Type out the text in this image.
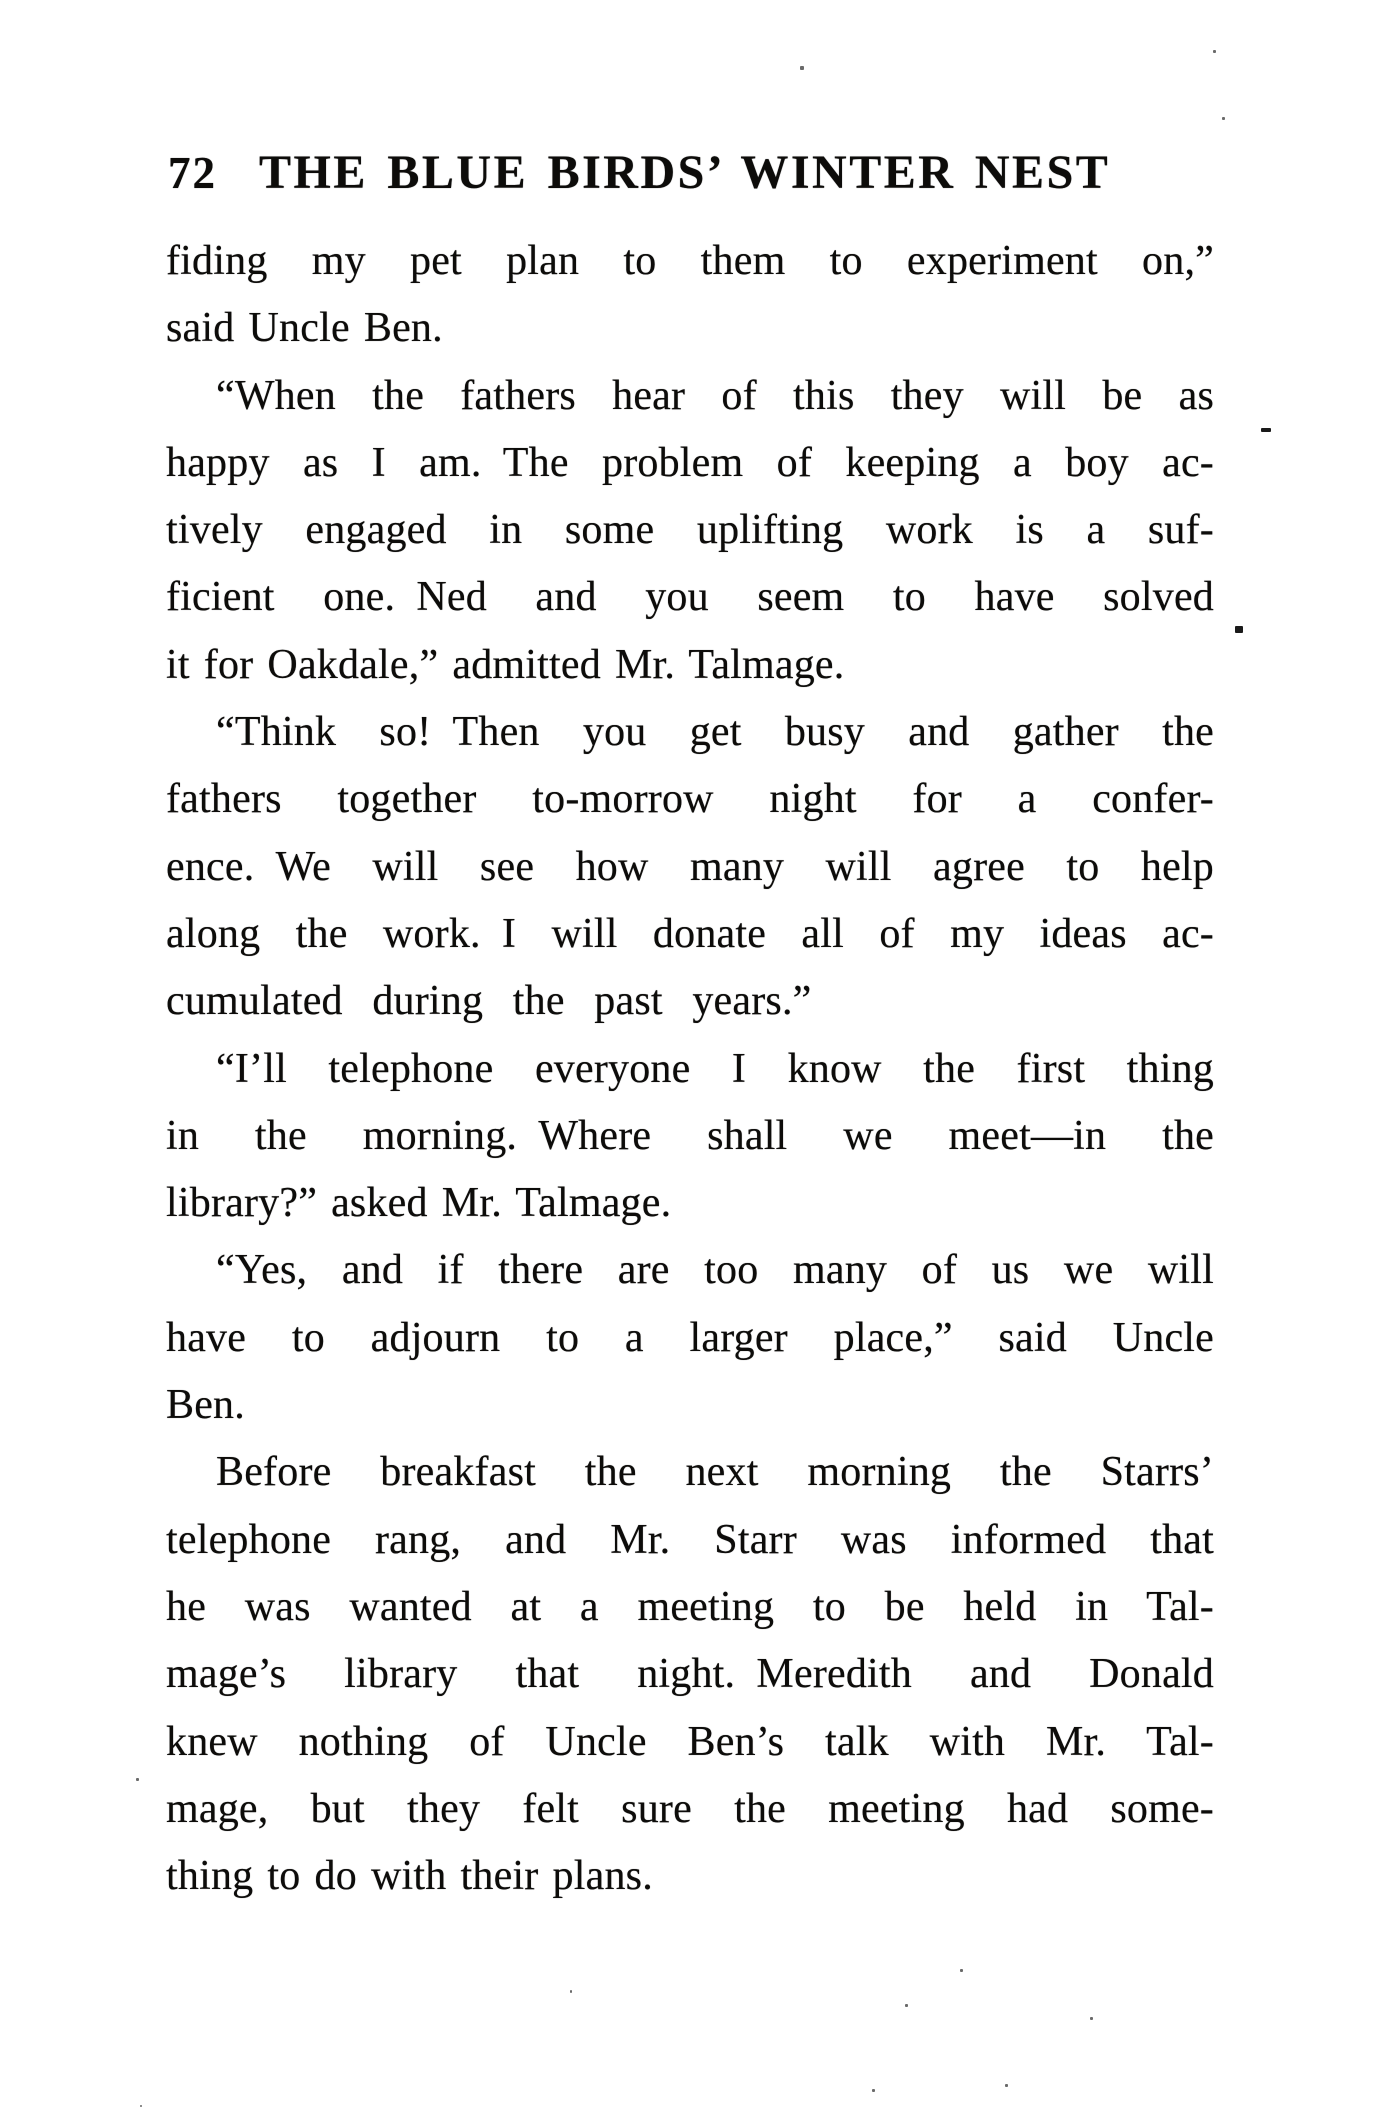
72 THE BLUE BIRDS’ WINTER NEST
fiding my pet plan to them to experiment on,”
said Uncle Ben.
“When the fathers hear of this they will be as
happy as I am. The problem of keeping a boy ac-
tively engaged in some uplifting work is a suf-
ficient one. Ned and you seem to have solved
it for Oakdale,” admitted Mr. Talmage.
“Think so! Then you get busy and gather the
fathers together to-morrow night for a confer-
ence. We will see how many will agree to help
along the work. I will donate all of my ideas ac-
cumulated during the past years.”
“I’ll telephone everyone I know the first thing
in the morning. Where shall we meet—in the
library?” asked Mr. Talmage.
“Yes, and if there are too many of us we will
have to adjourn to a larger place,” said Uncle
Ben.
Before breakfast the next morning the Starrs’
telephone rang, and Mr. Starr was informed that
he was wanted at a meeting to be held in Tal-
mage’s library that night. Meredith and Donald
knew nothing of Uncle Ben’s talk with Mr. Tal-
mage, but they felt sure the meeting had some-
thing to do with their plans.
